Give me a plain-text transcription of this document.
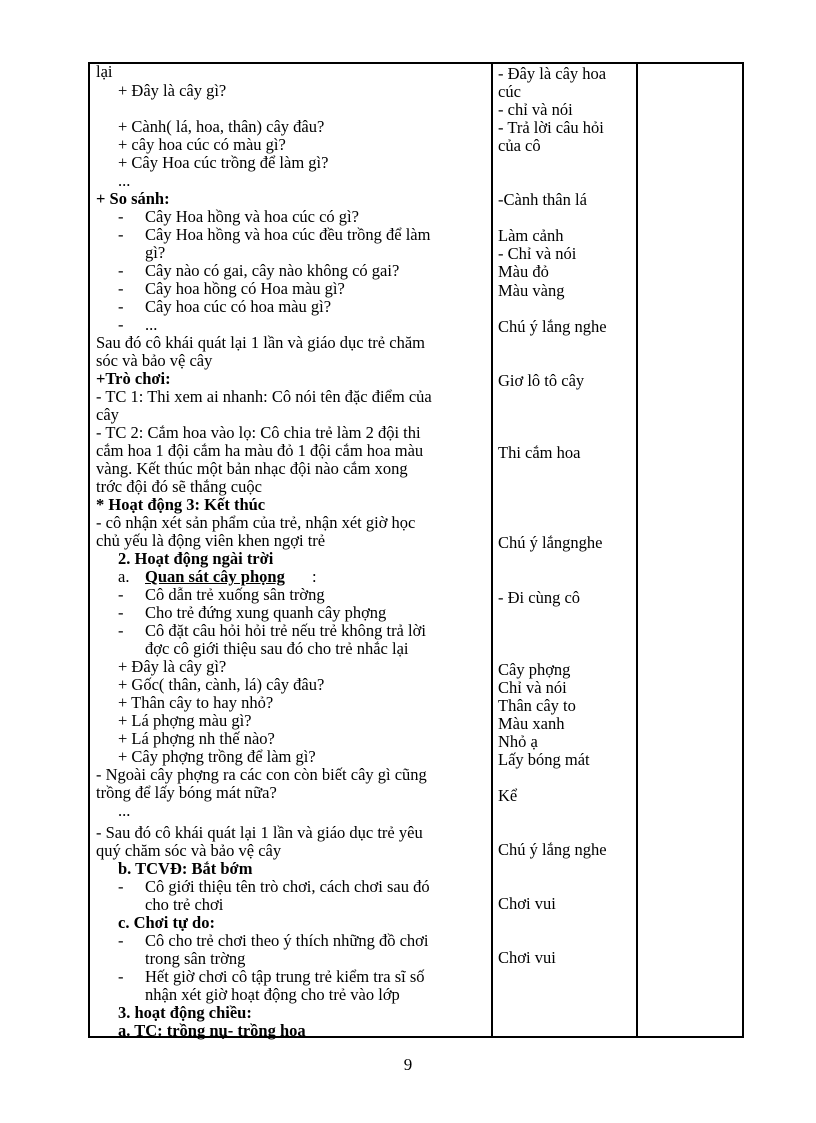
lại
+ Đây là cây gì?
+ Cành( lá, hoa, thân) cây đâu?
+ cây hoa cúc có màu gì?
+ Cây Hoa cúc trồng để làm gì?
...
+ So sánh:
- Cây Hoa hồng và hoa cúc có gì?
- Cây Hoa hồng và hoa cúc đều trồng để làm
gì?
- Cây nào có gai, cây nào không có gai?
- Cây hoa hồng có Hoa màu gì?
- Cây hoa cúc có hoa màu gì?
- ...
Sau đó cô khái quát lại 1 lần và giáo dục trẻ chăm
sóc và bảo vệ cây
+Trò chơi:
- TC 1: Thi xem ai nhanh: Cô nói tên đặc điểm của
cây
- TC 2: Cắm hoa vào lọ: Cô chia trẻ làm 2 đội thi
cắm hoa 1 đội cắm ha màu đỏ 1 đội cắm hoa màu
vàng. Kết thúc một bản nhạc đội nào cắm xong
trớc đội đó sẽ thắng cuộc
* Hoạt động 3: Kết thúc
- cô nhận xét sản phẩm của trẻ, nhận xét giờ học
chủ yếu là động viên khen ngợi trẻ
2. Hoạt động ngài trời
a. Quan sát cây phọng :
- Cô dẫn trẻ xuống sân trờng
- Cho trẻ đứng xung quanh cây phợng
- Cô đặt câu hỏi hỏi trẻ nếu trẻ không trả lời
đợc cô giới thiệu sau đó cho trẻ nhắc lại
+ Đây là cây gì?
+ Gốc( thân, cành, lá) cây đâu?
+ Thân cây to hay nhỏ?
+ Lá phợng màu gì?
+ Lá phợng nh thế nào?
+ Cây phợng trồng để làm gì?
- Ngoài cây phợng ra các con còn biết cây gì cũng
trồng để lấy bóng mát nữa?
...
- Sau đó cô khái quát lại 1 lần và giáo dục trẻ yêu
quý chăm sóc và bảo vệ cây
b. TCVĐ: Bắt bớm
- Cô giới thiệu tên trò chơi, cách chơi sau đó
cho trẻ chơi
c. Chơi tự do:
- Cô cho trẻ chơi theo ý thích những đồ chơi
trong sân trờng
- Hết giờ chơi cô tập trung trẻ kiểm tra sĩ số
nhận xét giờ hoạt động cho trẻ vào lớp
3. hoạt động chiều:
a. TC: trồng nụ- trồng hoa
- Đây là cây hoa
cúc
- chỉ và nói
- Trả lời câu hỏi
của cô
-Cành thân lá
Làm cảnh
- Chỉ và nói
Màu đỏ
Màu vàng
Chú ý lắng nghe
Giơ lô tô cây
Thi cắm hoa
Chú ý lắngnghe
- Đi cùng cô
Cây phợng
Chỉ và nói
Thân cây to
Màu xanh
Nhỏ ạ
Lấy bóng mát
Kể
Chú ý lắng nghe
Chơi vui
Chơi vui
9
